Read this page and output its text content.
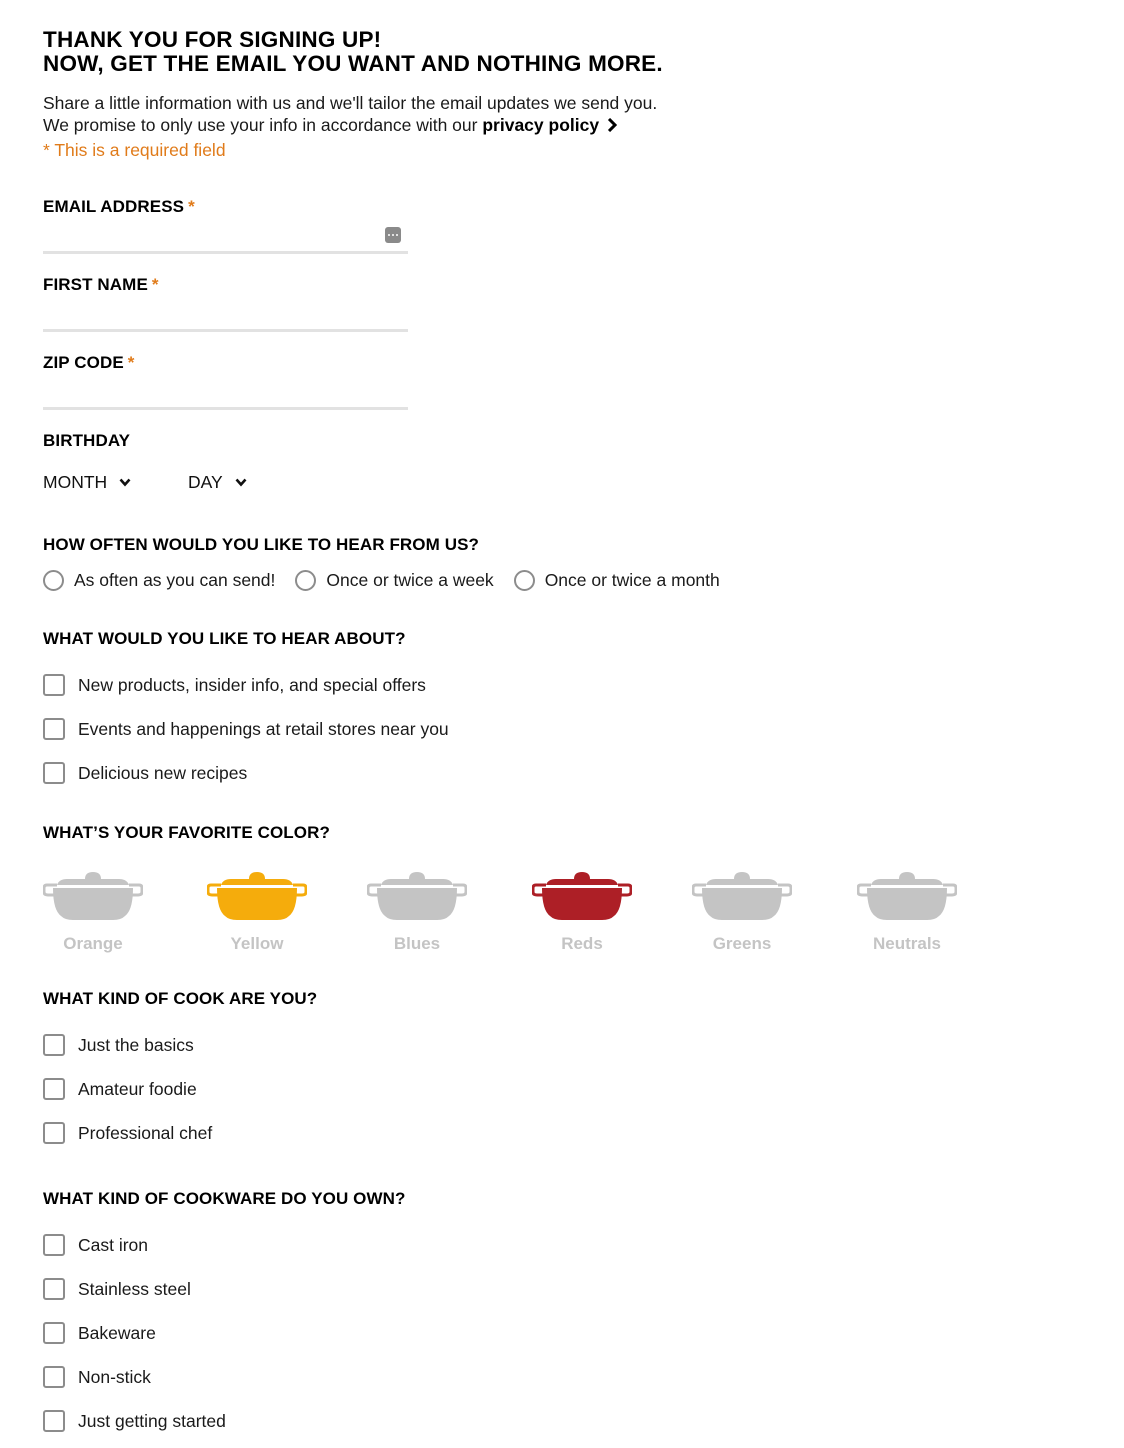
THANK YOU FOR SIGNING UP!
NOW, GET THE EMAIL YOU WANT AND NOTHING MORE.
Share a little information with us and we'll tailor the email updates we send you.
We promise to only use your info in accordance with our privacy policy
* This is a required field
EMAIL ADDRESS *
FIRST NAME *
ZIP CODE *
BIRTHDAY
MONTH	DAY
HOW OFTEN WOULD YOU LIKE TO HEAR FROM US?
As often as you can send!	Once or twice a week	Once or twice a month
WHAT WOULD YOU LIKE TO HEAR ABOUT?
New products, insider info, and special offers
Events and happenings at retail stores near you
Delicious new recipes
WHAT’S YOUR FAVORITE COLOR?
Orange	Yellow	Blues	Reds	Greens	Neutrals
WHAT KIND OF COOK ARE YOU?
Just the basics
Amateur foodie
Professional chef
WHAT KIND OF COOKWARE DO YOU OWN?
Cast iron
Stainless steel
Bakeware
Non-stick
Just getting started
